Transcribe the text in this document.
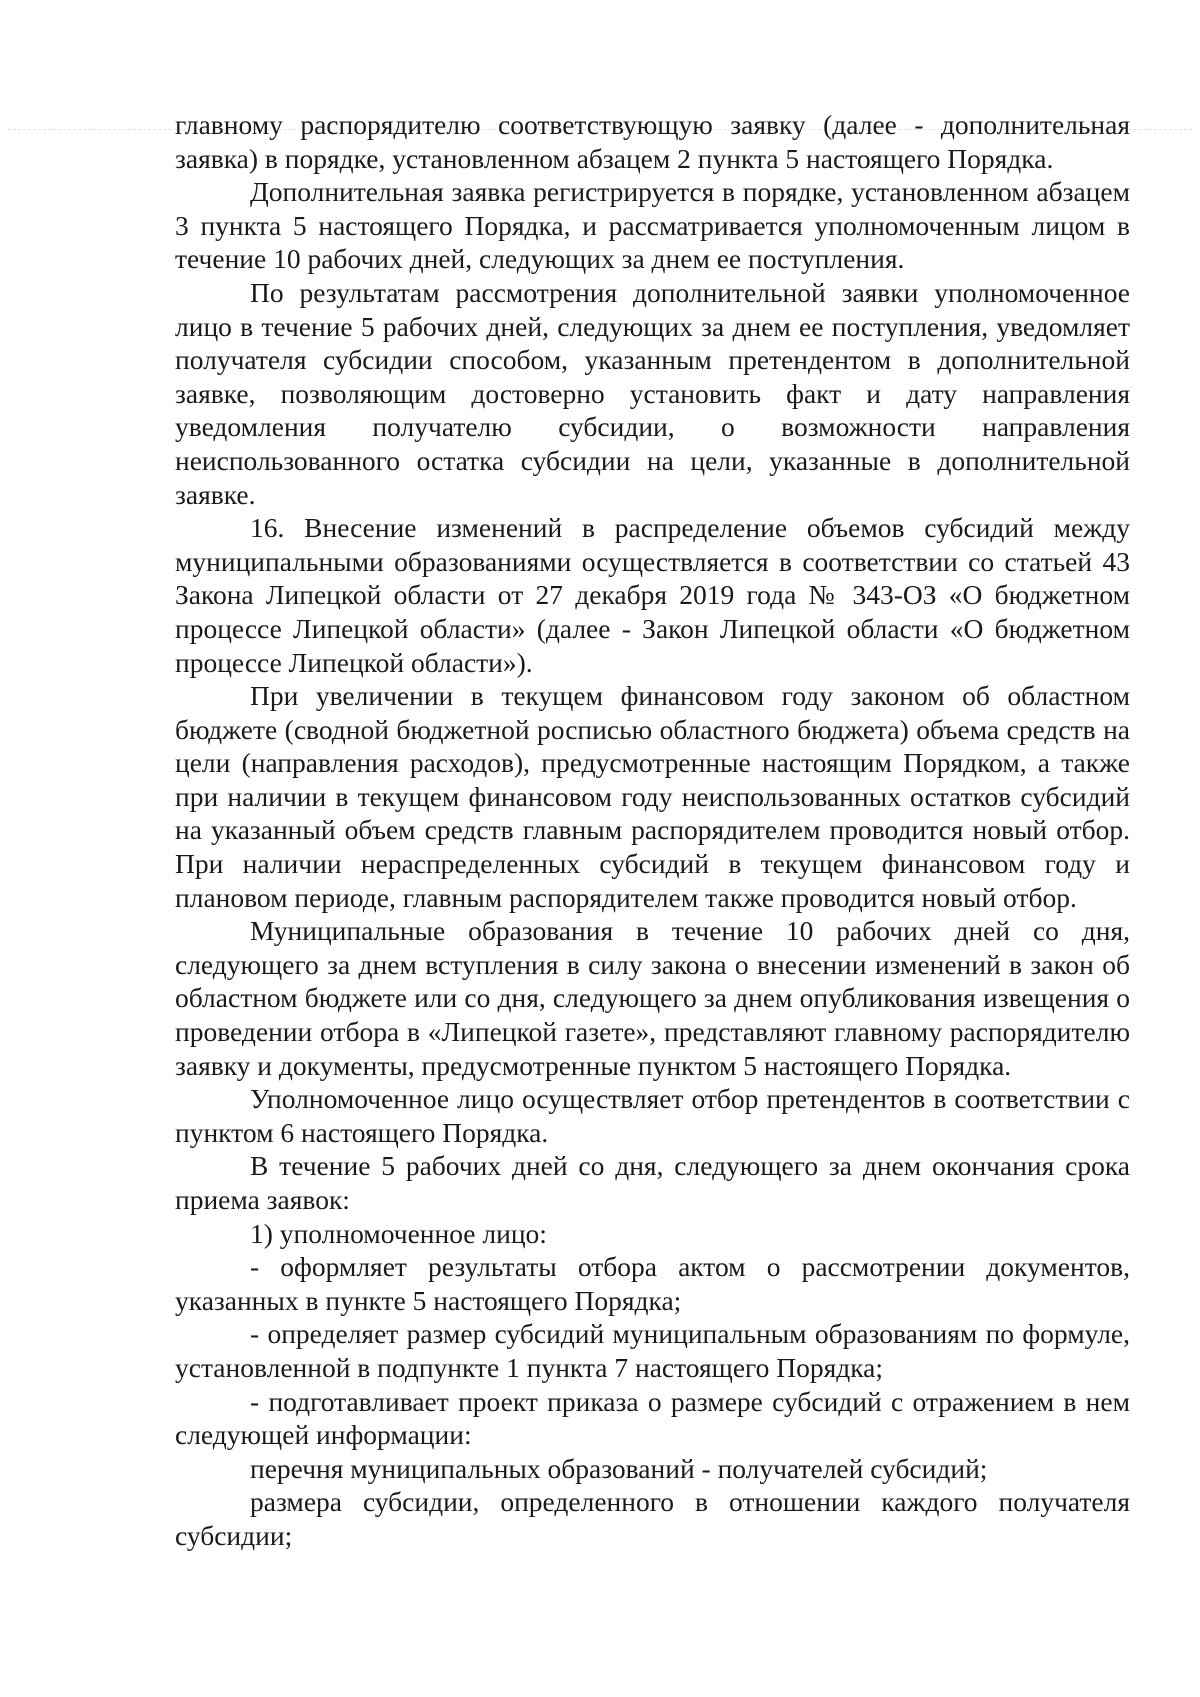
главному распорядителю соответствующую заявку (далее - дополнительная заявка) в порядке, установленном абзацем 2 пункта 5 настоящего Порядка.

Дополнительная заявка регистрируется в порядке, установленном абзацем 3 пункта 5 настоящего Порядка, и рассматривается уполномоченным лицом в течение 10 рабочих дней, следующих за днем ее поступления.

По результатам рассмотрения дополнительной заявки уполномоченное лицо в течение 5 рабочих дней, следующих за днем ее поступления, уведомляет получателя субсидии способом, указанным претендентом в дополнительной заявке, позволяющим достоверно установить факт и дату направления уведомления получателю субсидии, о возможности направления неиспользованного остатка субсидии на цели, указанные в дополнительной заявке.

16. Внесение изменений в распределение объемов субсидий между муниципальными образованиями осуществляется в соответствии со статьей 43 Закона Липецкой области от 27 декабря 2019 года № 343-ОЗ «О бюджетном процессе Липецкой области» (далее - Закон Липецкой области «О бюджетном процессе Липецкой области»).

При увеличении в текущем финансовом году законом об областном бюджете (сводной бюджетной росписью областного бюджета) объема средств на цели (направления расходов), предусмотренные настоящим Порядком, а также при наличии в текущем финансовом году неиспользованных остатков субсидий на указанный объем средств главным распорядителем проводится новый отбор. При наличии нераспределенных субсидий в текущем финансовом году и плановом периоде, главным распорядителем также проводится новый отбор.

Муниципальные образования в течение 10 рабочих дней со дня, следующего за днем вступления в силу закона о внесении изменений в закон об областном бюджете или со дня, следующего за днем опубликования извещения о проведении отбора в «Липецкой газете», представляют главному распорядителю заявку и документы, предусмотренные пунктом 5 настоящего Порядка.

Уполномоченное лицо осуществляет отбор претендентов в соответствии с пунктом 6 настоящего Порядка.

В течение 5 рабочих дней со дня, следующего за днем окончания срока приема заявок:

1) уполномоченное лицо:

- оформляет результаты отбора актом о рассмотрении документов, указанных в пункте 5 настоящего Порядка;

- определяет размер субсидий муниципальным образованиям по формуле, установленной в подпункте 1 пункта 7 настоящего Порядка;

- подготавливает проект приказа о размере субсидий с отражением в нем следующей информации:

перечня муниципальных образований - получателей субсидий;

размера субсидии, определенного в отношении каждого получателя субсидии;
